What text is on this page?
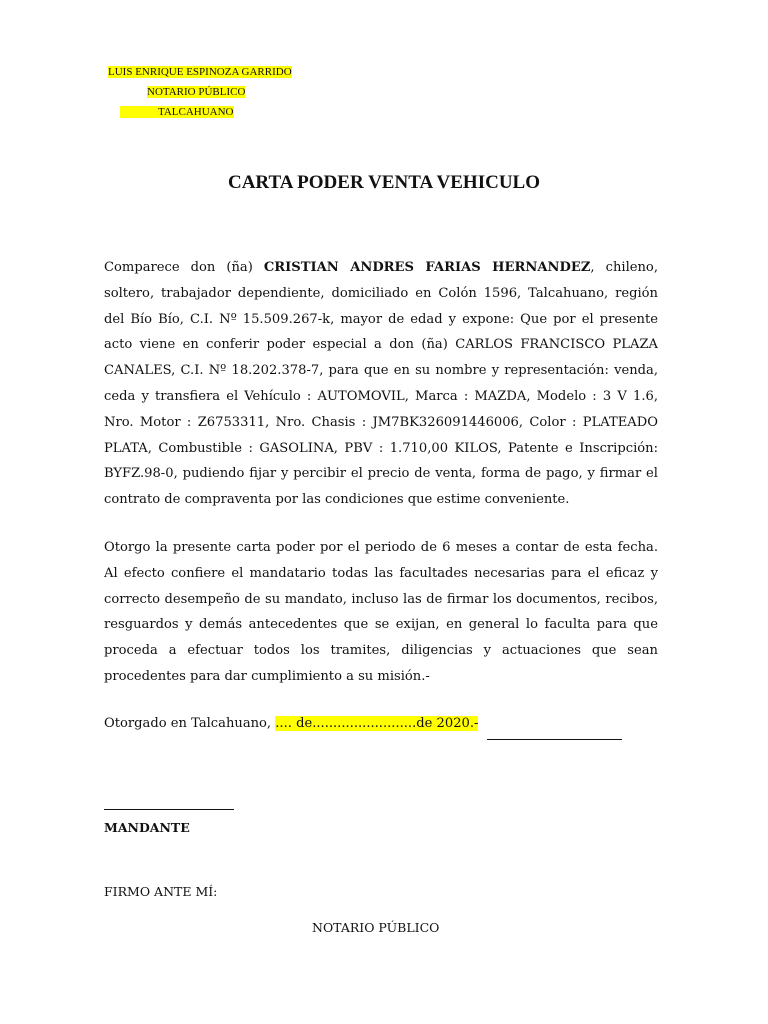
LUIS ENRIQUE ESPINOZA GARRIDO
NOTARIO PÚBLICO
TALCAHUANO
CARTA PODER VENTA VEHICULO
Comparece don (ña) CRISTIAN ANDRES FARIAS HERNANDEZ, chileno, soltero, trabajador dependiente, domiciliado en Colón 1596, Talcahuano, región del Bío Bío, C.I. Nº 15.509.267-k, mayor de edad y expone: Que por el presente acto viene en conferir poder especial a don (ña) CARLOS FRANCISCO PLAZA CANALES, C.I. Nº 18.202.378-7, para que en su nombre y representación: venda, ceda y transfiera el Vehículo : AUTOMOVIL, Marca : MAZDA, Modelo : 3 V 1.6, Nro. Motor : Z6753311, Nro. Chasis : JM7BK326091446006, Color : PLATEADO PLATA, Combustible : GASOLINA, PBV : 1.710,00 KILOS, Patente e Inscripción: BYFZ.98-0, pudiendo fijar y percibir el precio de venta, forma de pago, y firmar el contrato de compraventa por las condiciones que estime conveniente.
Otorgo la presente carta poder por el periodo de 6 meses a contar de esta fecha. Al efecto confiere el mandatario todas las facultades necesarias para el eficaz y correcto desempeño de su mandato, incluso las de firmar los documentos, recibos, resguardos y demás antecedentes que se exijan, en general lo faculta para que proceda a efectuar todos los tramites, diligencias y actuaciones que sean procedentes para dar cumplimiento a su misión.-
Otorgado en Talcahuano, .... de.........................de 2020.-
MANDANTE
FIRMO ANTE MÍ:
NOTARIO PÚBLICO
